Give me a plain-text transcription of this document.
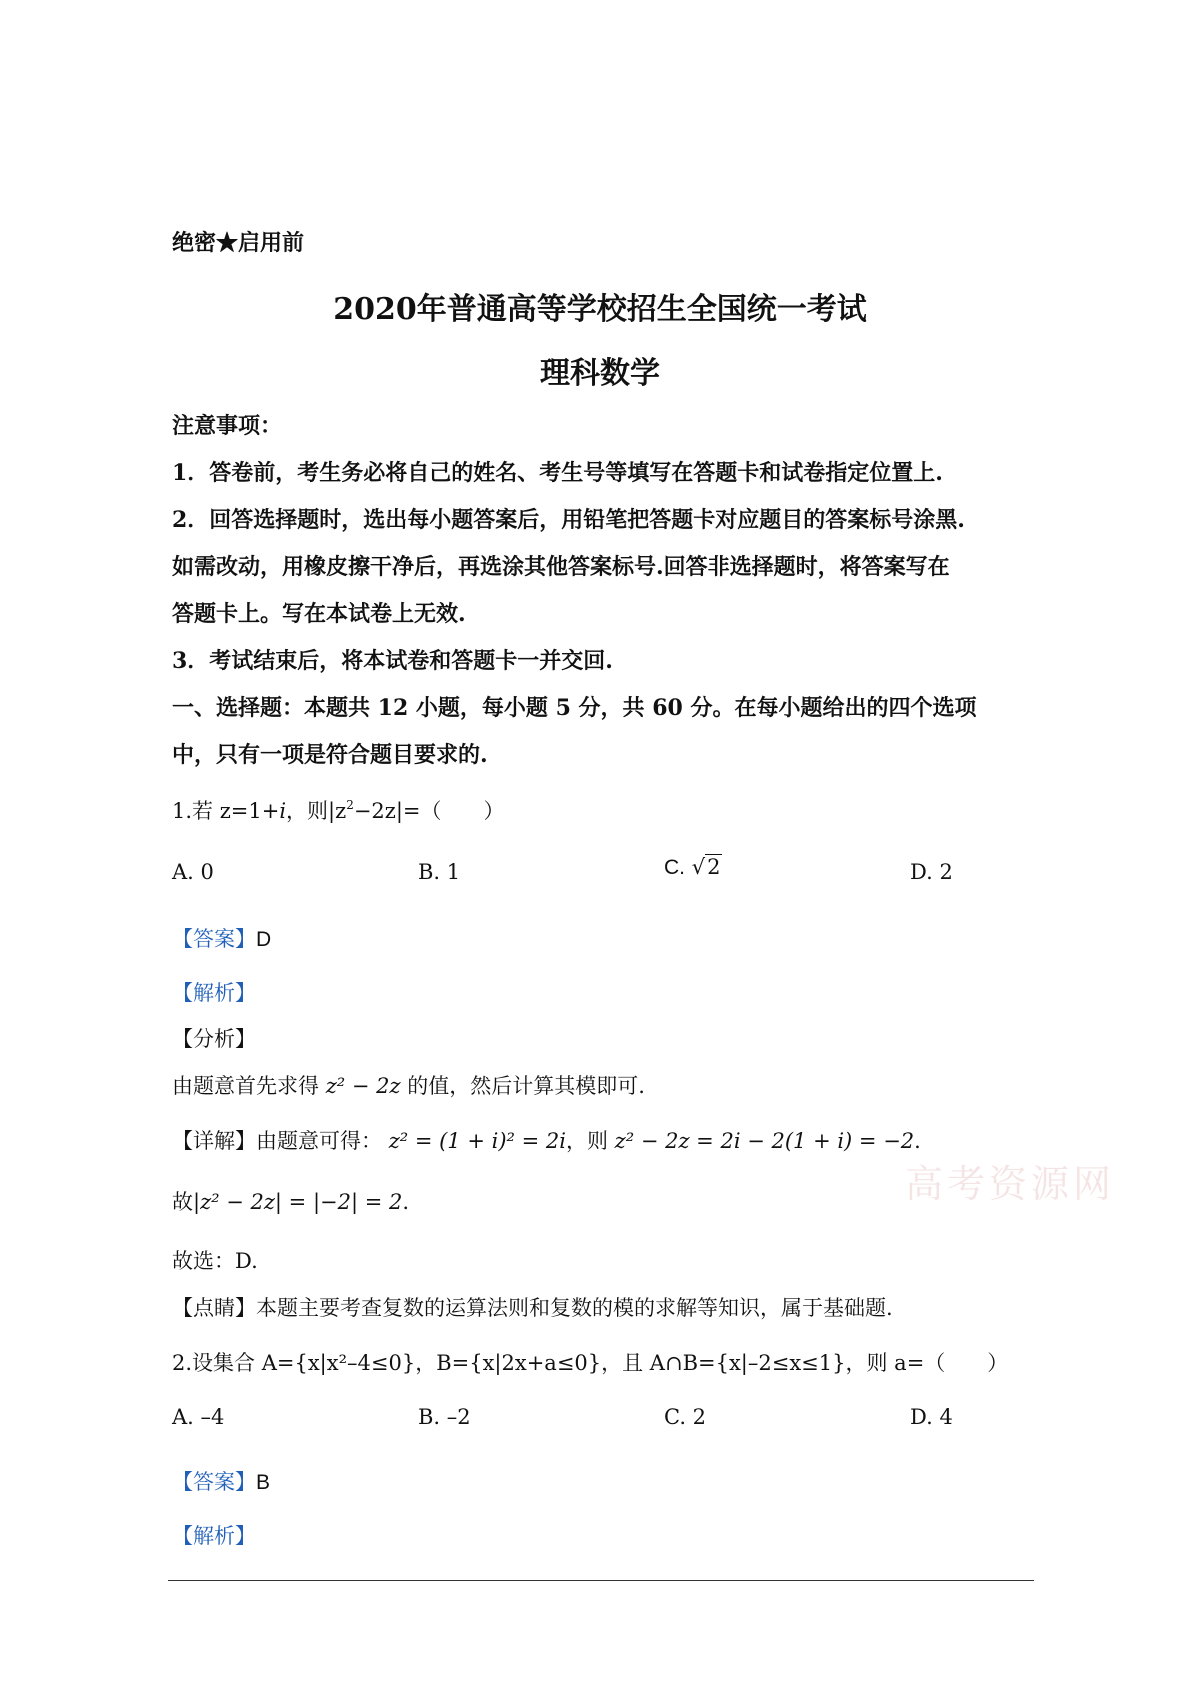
绝密★启用前
2020年普通高等学校招生全国统一考试
理科数学
注意事项：
1．答卷前，考生务必将自己的姓名、考生号等填写在答题卡和试卷指定位置上.
2．回答选择题时，选出每小题答案后，用铅笔把答题卡对应题目的答案标号涂黑.
如需改动，用橡皮擦干净后，再选涂其他答案标号.回答非选择题时，将答案写在
答题卡上。写在本试卷上无效.
3．考试结束后，将本试卷和答题卡一并交回.
一、选择题：本题共 12 小题，每小题 5 分，共 60 分。在每小题给出的四个选项
中，只有一项是符合题目要求的.
1.若 z=1+i，则$|z^2-2z|=$（　　）
A. 0	B. 1	C. √2	D. 2
【答案】D
【解析】
【分析】
由题意首先求得 z² − 2z 的值，然后计算其模即可.
【详解】由题意可得： z² = (1 + i)² = 2i，则 z² − 2z = 2i − 2(1 + i) = −2.
故|z² − 2z| = |−2| = 2.
故选：D.
【点睛】本题主要考查复数的运算法则和复数的模的求解等知识，属于基础题.
2.设集合 A={x|x²–4≤0}，B={x|2x+a≤0}，且 A∩B={x|–2≤x≤1}，则 a=（　　）
A. –4	B. –2	C. 2	D. 4
【答案】B
【解析】
高考资源网
